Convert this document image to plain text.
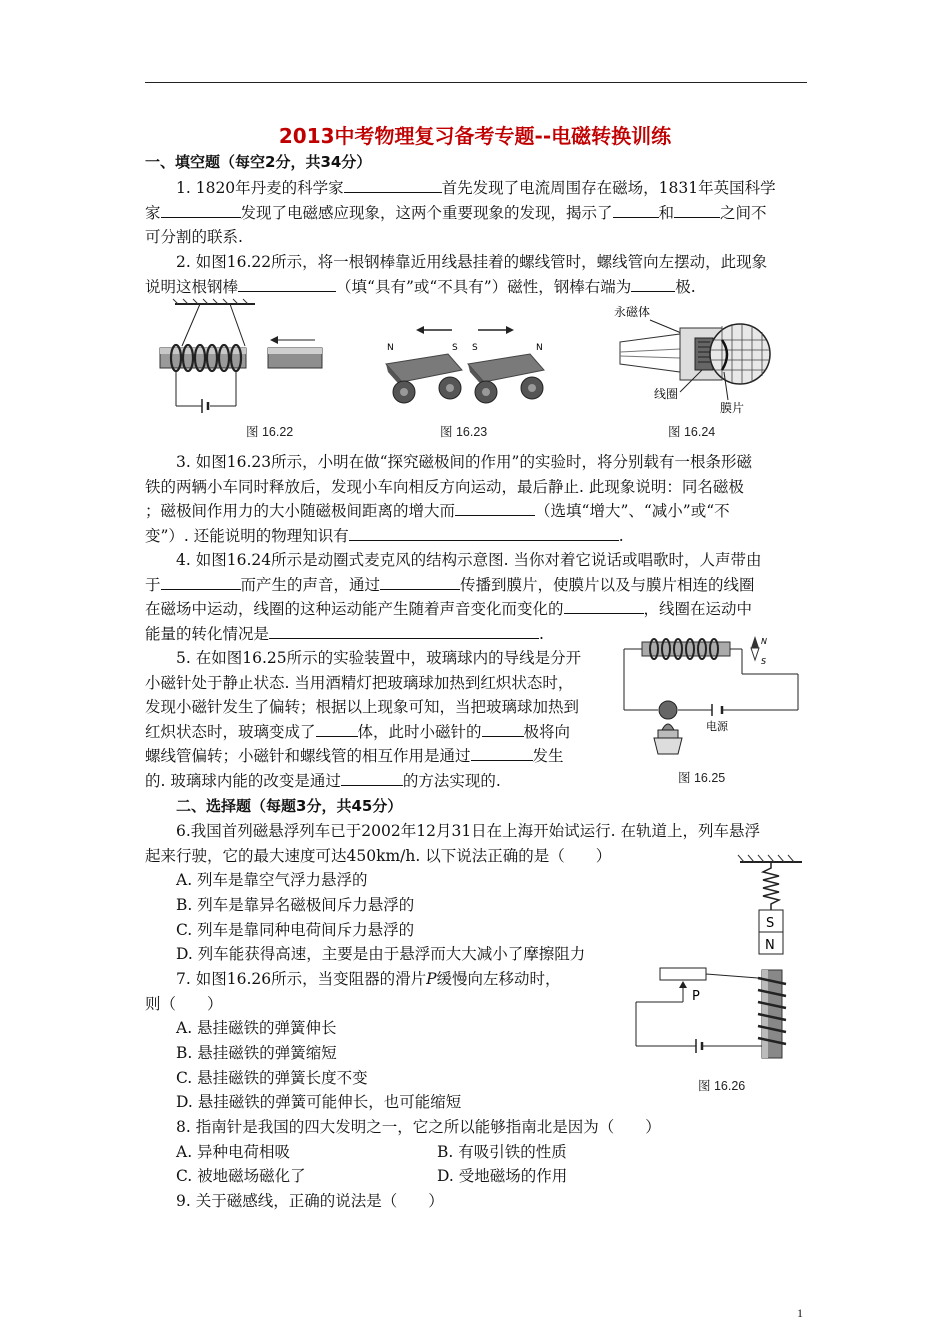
2013中考物理复习备考专题--电磁转换训练
一、填空题（每空2分，共34分）
1. 1820年丹麦的科学家	首先发现了电流周围存在磁场，1831年英国科学
家	发现了电磁感应现象，这两个重要现象的发现，揭示了	和	之间不
可分割的联系.
2. 如图16.22所示，将一根钢棒靠近用线悬挂着的螺线管时，螺线管向左摆动，此现象
说明这根钢棒	（填“具有”或“不具有”）磁性，钢棒右端为	极.
图 16.22
N	S S	N
图 16.23
永磁体
线圈
膜片
图 16.24
3. 如图16.23所示，小明在做“探究磁极间的作用”的实验时，将分别载有一根条形磁
铁的两辆小车同时释放后，发现小车向相反方向运动，最后静止. 此现象说明：同名磁极
；磁极间作用力的大小随磁极间距离的增大而	（选填“增大”、“减小”或“不
变”）. 还能说明的物理知识有	.
4. 如图16.24所示是动圈式麦克风的结构示意图. 当你对着它说话或唱歌时，人声带由
于	而产生的声音，通过	传播到膜片，使膜片以及与膜片相连的线圈
在磁场中运动，线圈的这种运动能产生随着声音变化而变化的	，线圈在运动中
能量的转化情况是	.
5. 在如图16.25所示的实验装置中，玻璃球内的导线是分开
小磁针处于静止状态. 当用酒精灯把玻璃球加热到红炽状态时，
发现小磁针发生了偏转；根据以上现象可知，当把玻璃球加热到
红炽状态时，玻璃变成了	体，此时小磁针的	极将向
螺线管偏转；小磁针和螺线管的相互作用是通过	发生
的. 玻璃球内能的改变是通过	的方法实现的.
电源
N
S
图 16.25
二、选择题（每题3分，共45分）
6.我国首列磁悬浮列车已于2002年12月31日在上海开始试运行. 在轨道上，列车悬浮
起来行驶，它的最大速度可达450km/h. 以下说法正确的是（　　）
A. 列车是靠空气浮力悬浮的
B. 列车是靠异名磁极间斥力悬浮的
C. 列车是靠同种电荷间斥力悬浮的
D. 列车能获得高速，主要是由于悬浮而大大减小了摩擦阻力
7. 如图16.26所示，当变阻器的滑片P缓慢向左移动时，
则（　　）
A. 悬挂磁铁的弹簧伸长
B. 悬挂磁铁的弹簧缩短
C. 悬挂磁铁的弹簧长度不变
D. 悬挂磁铁的弹簧可能伸长，也可能缩短
S
N
P
图 16.26
8. 指南针是我国的四大发明之一，它之所以能够指南北是因为（　　）
A. 异种电荷相吸	B. 有吸引铁的性质
C. 被地磁场磁化了	D. 受地磁场的作用
9. 关于磁感线，正确的说法是（　　）
1
